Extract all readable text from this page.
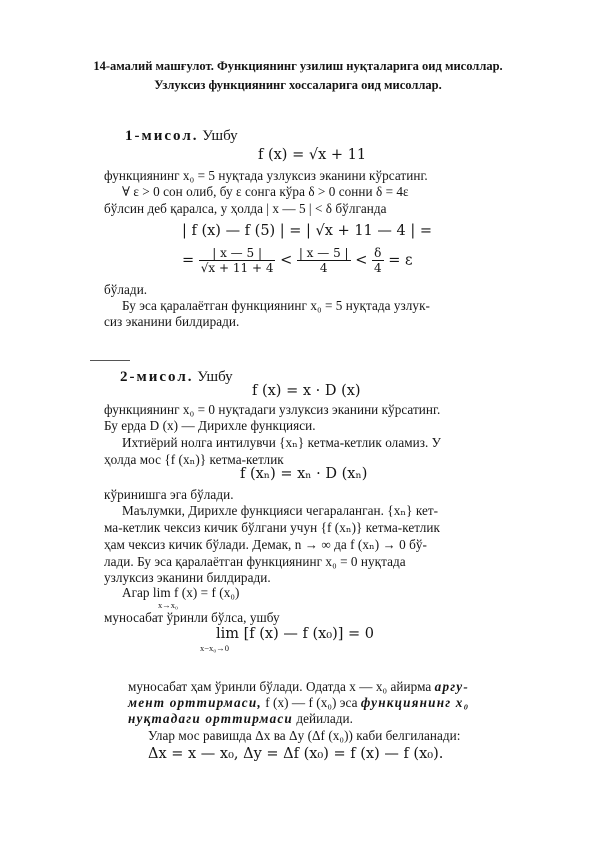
14-амалий машғулот. Функциянинг узилиш нуқталарига оид мисоллар.
Узлуксиз функциянинг хоссаларига оид мисоллар.
1-мисол. Ушбу
f (x) = √x + 11
функциянинг x₀ = 5 нуқтада узлуксиз эканини кўрсатинг.
∀ ε > 0 сон олиб, бу ε сонга кўра δ > 0 сонни δ = 4ε
бўлсин деб қаралса, у ҳолда | x — 5 | < δ бўлганда
| f (x) — f (5) | = | √x + 11 — 4 | =
= $\frac{| x — 5 |}{√x + 11 + 4} < \frac{| x — 5 |}{4} < \frac{\delta}{4} = \varepsilon$
бўлади.
Бу эса қаралаётган функциянинг x₀ = 5 нуқтада узлук-
сиз эканини билдиради.
2-мисол. Ушбу
f (x) = x · D (x)
функциянинг x₀ = 0 нуқтадаги узлуксиз эканини кўрсатинг.
Бу ерда D (x) — Дирихле функцияси.
Ихтиёрий нолга интилувчи {xₙ} кетма-кетлик оламиз. У
ҳолда мос {f (xₙ)} кетма-кетлик
f (xₙ) = xₙ · D (xₙ)
кўринишга эга бўлади.
Маълумки, Дирихле функцияси чегараланган. {xₙ} кет-
ма-кетлик чексиз кичик бўлгани учун {f (xₙ)} кетма-кетлик
ҳам чексиз кичик бўлади. Демак, n → ∞ да f (xₙ) → 0 бў-
лади. Бу эса қаралаётган функциянинг x₀ = 0 нуқтада
узлуксиз эканини билдиради.
Агар lim f (x) = f (x₀)
x→x₀
муносабат ўринли бўлса, ушбу
lim [f (x) — f (x₀)] = 0
x−x₀→0
муносабат ҳам ўринли бўлади. Одатда x — x₀ айирма аргу-
мент орттирмаси, f (x) — f (x₀) эса функциянинг x₀
нуқтадаги орттирмаси дейилади.
Улар мос равишда Δx ва Δy (Δf (x₀)) каби белгиланади:
Δx = x — x₀, Δy = Δf (x₀) = f (x) — f (x₀).
